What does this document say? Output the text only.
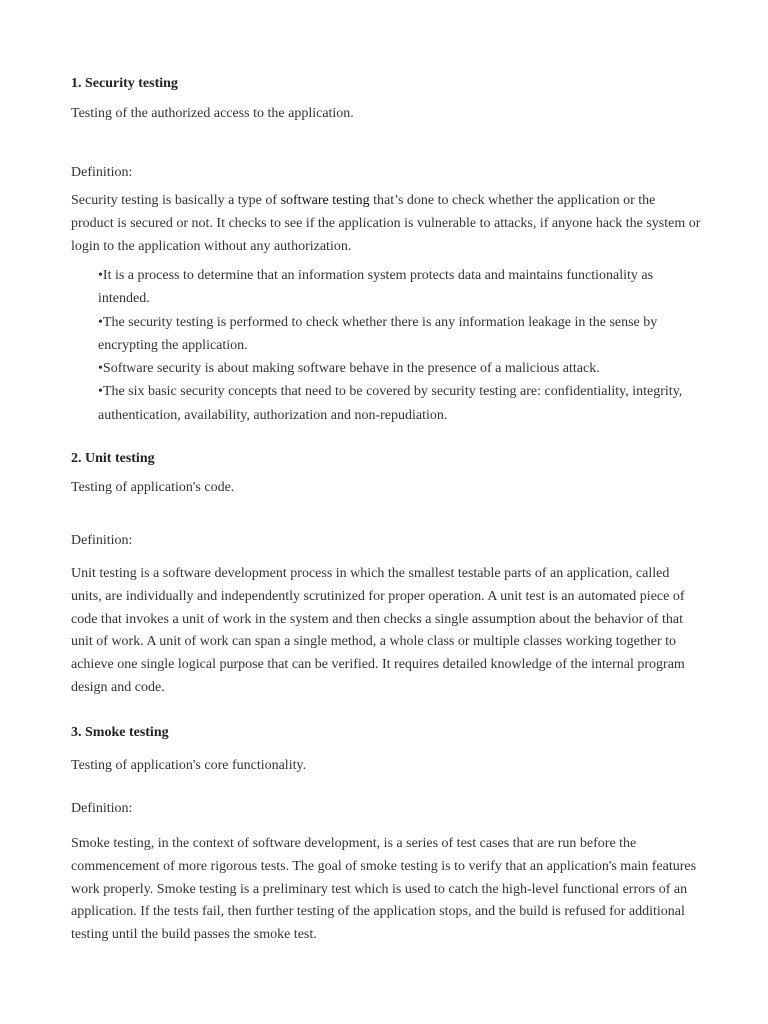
1. Security testing

Testing of the authorized access to the application.

Definition:

Security testing is basically a type of software testing that’s done to check whether the application or the product is secured or not. It checks to see if the application is vulnerable to attacks, if anyone hack the system or login to the application without any authorization.

•It is a process to determine that an information system protects data and maintains functionality as intended.
•The security testing is performed to check whether there is any information leakage in the sense by encrypting the application.
•Software security is about making software behave in the presence of a malicious attack.
•The six basic security concepts that need to be covered by security testing are: confidentiality, integrity, authentication, availability, authorization and non-repudiation.

2. Unit testing

Testing of application's code.

Definition:

Unit testing is a software development process in which the smallest testable parts of an application, called units, are individually and independently scrutinized for proper operation. A unit test is an automated piece of code that invokes a unit of work in the system and then checks a single assumption about the behavior of that unit of work. A unit of work can span a single method, a whole class or multiple classes working together to achieve one single logical purpose that can be verified. It requires detailed knowledge of the internal program design and code.

3. Smoke testing

Testing of application's core functionality.

Definition:

Smoke testing, in the context of software development, is a series of test cases that are run before the commencement of more rigorous tests. The goal of smoke testing is to verify that an application's main features work properly. Smoke testing is a preliminary test which is used to catch the high-level functional errors of an application. If the tests fail, then further testing of the application stops, and the build is refused for additional testing until the build passes the smoke test.
